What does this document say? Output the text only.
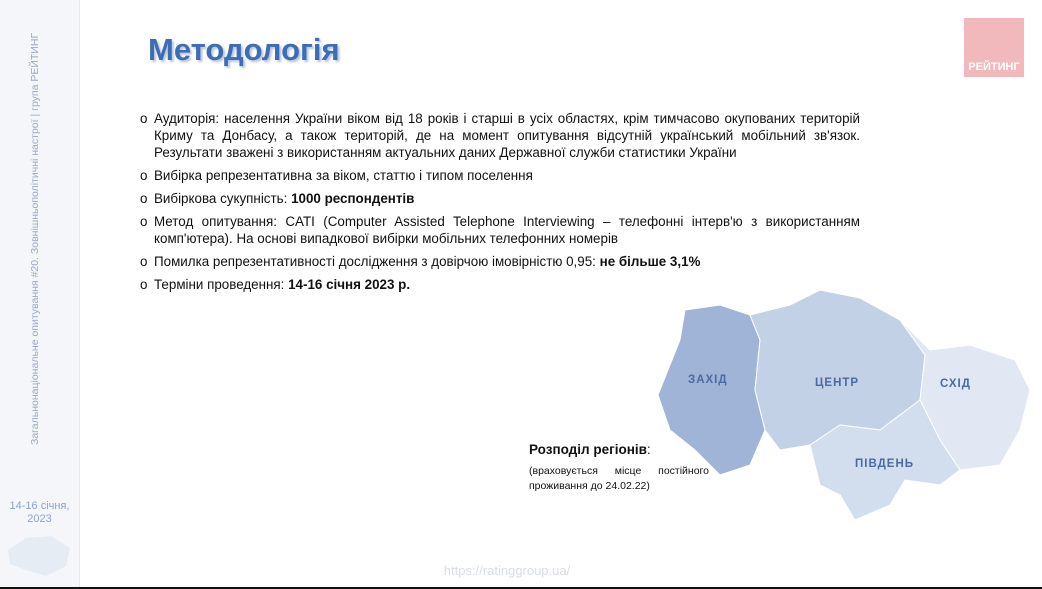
Загальнонаціональне опитування #20. Зовнішньополітичні настрої | група РЕЙТИНГ
14-16 січня, 2023
Методологія	РЕЙТИНГ
o Аудиторія: населення України віком від 18 років і старші в усіх областях, крім тимчасово окупованих територій Криму та Донбасу, а також територій, де на момент опитування відсутній український мобільний зв'язок. Результати зважені з використанням актуальних даних Державної служби статистики України
o Вибірка репрезентативна за віком, статтю і типом поселення
o Вибіркова сукупність: 1000 респондентів
o Метод опитування: CATI (Computer Assisted Telephone Interviewing – телефонні інтерв'ю з використанням комп'ютера). На основі випадкової вибірки мобільних телефонних номерів
o Помилка репрезентативності дослідження з довірчою імовірністю 0,95: не більше 3,1%
o Терміни проведення: 14-16 січня 2023 р.
ЗАХІД	ЦЕНТР	СХІД
ПІВДЕНЬ
Розподіл регіонів:
(враховується місце постійного проживання до 24.02.22)
https://ratinggroup.ua/
